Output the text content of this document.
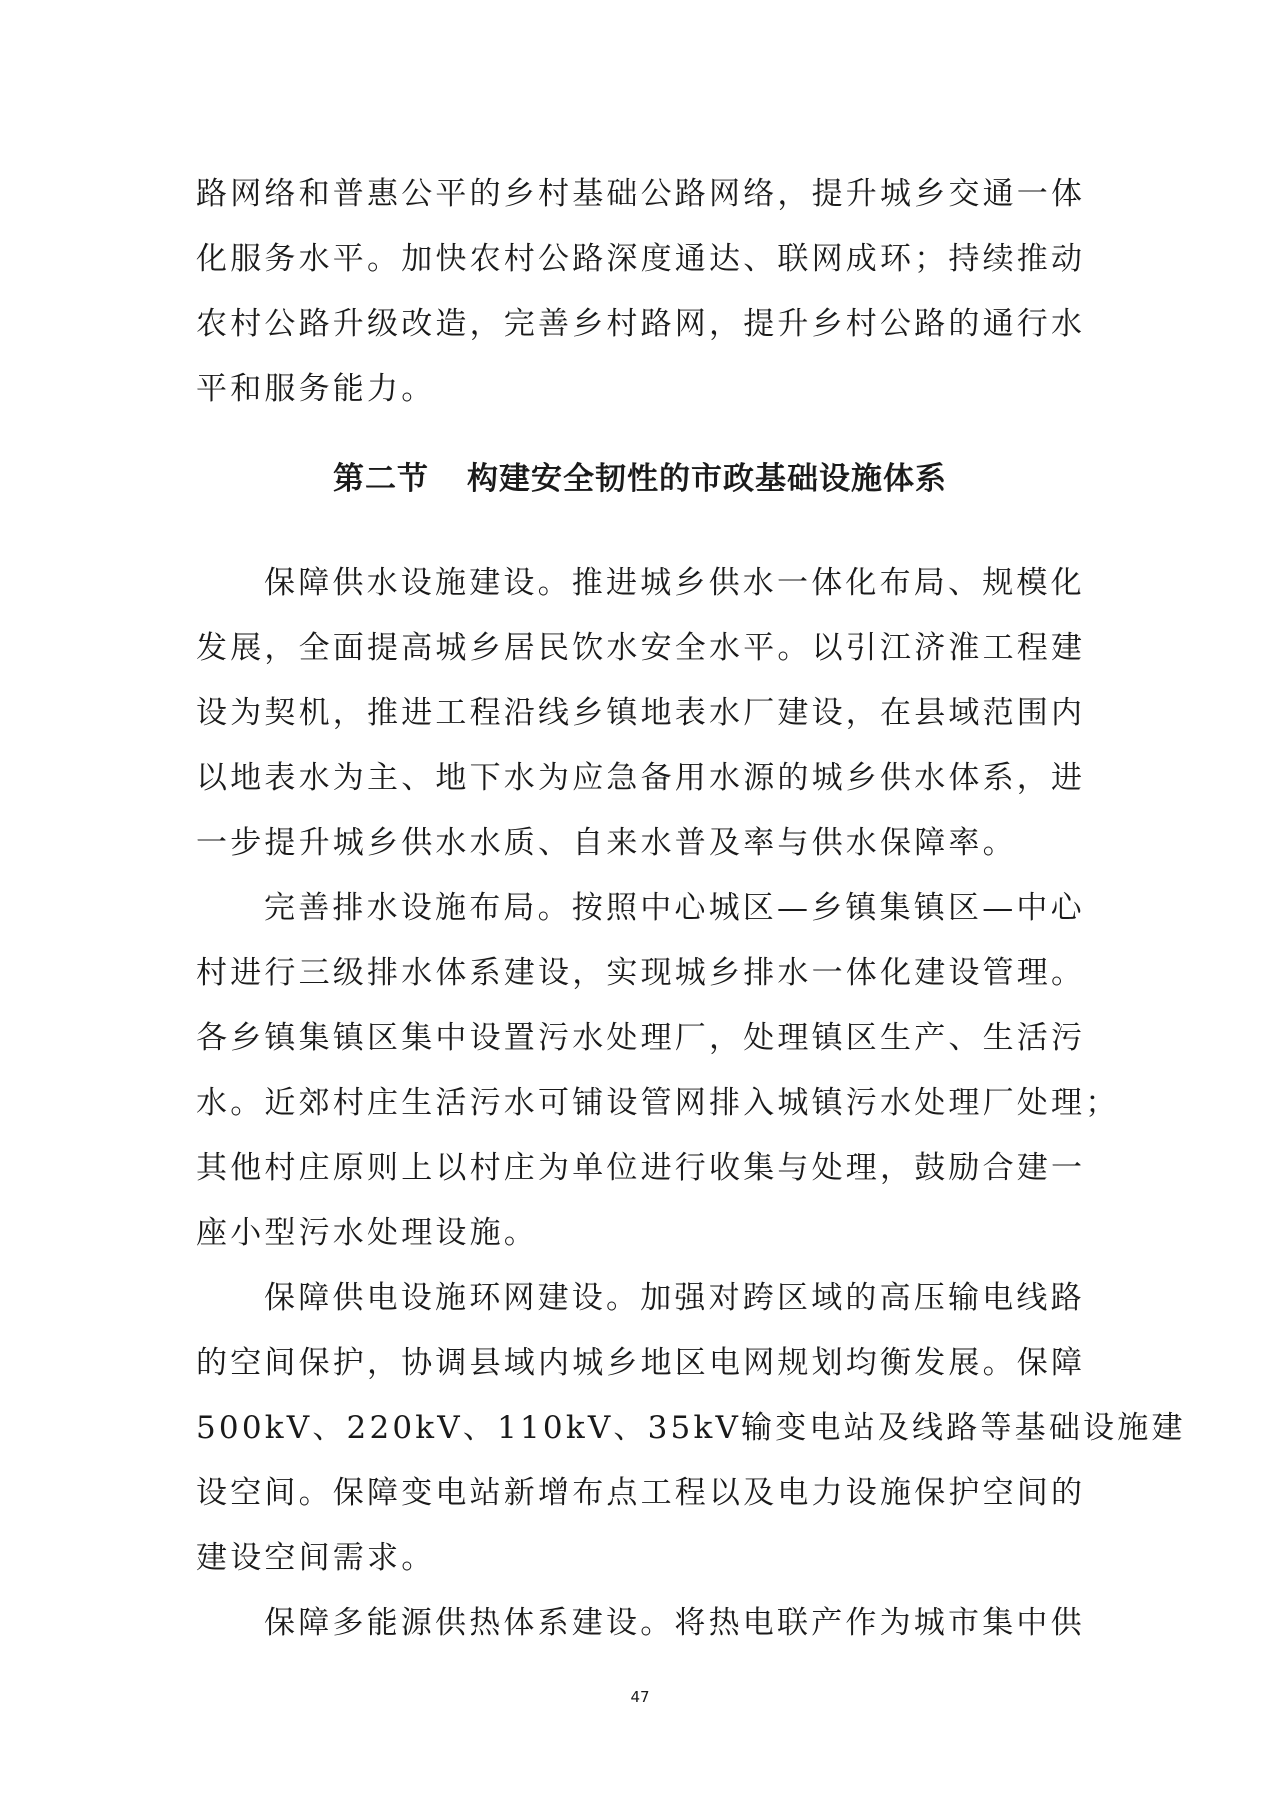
路网络和普惠公平的乡村基础公路网络，提升城乡交通一体
化服务水平。加快农村公路深度通达、联网成环；持续推动
农村公路升级改造，完善乡村路网，提升乡村公路的通行水
平和服务能力。
第二节 构建安全韧性的市政基础设施体系
保障供水设施建设。推进城乡供水一体化布局、规模化
发展，全面提高城乡居民饮水安全水平。以引江济淮工程建
设为契机，推进工程沿线乡镇地表水厂建设，在县域范围内
以地表水为主、地下水为应急备用水源的城乡供水体系，进
一步提升城乡供水水质、自来水普及率与供水保障率。
完善排水设施布局。按照中心城区—乡镇集镇区—中心
村进行三级排水体系建设，实现城乡排水一体化建设管理。
各乡镇集镇区集中设置污水处理厂，处理镇区生产、生活污
水。近郊村庄生活污水可铺设管网排入城镇污水处理厂处理；
其他村庄原则上以村庄为单位进行收集与处理，鼓励合建一
座小型污水处理设施。
保障供电设施环网建设。加强对跨区域的高压输电线路
的空间保护，协调县域内城乡地区电网规划均衡发展。保障
500kV、220kV、110kV、35kV输变电站及线路等基础设施建
设空间。保障变电站新增布点工程以及电力设施保护空间的
建设空间需求。
保障多能源供热体系建设。将热电联产作为城市集中供
47
